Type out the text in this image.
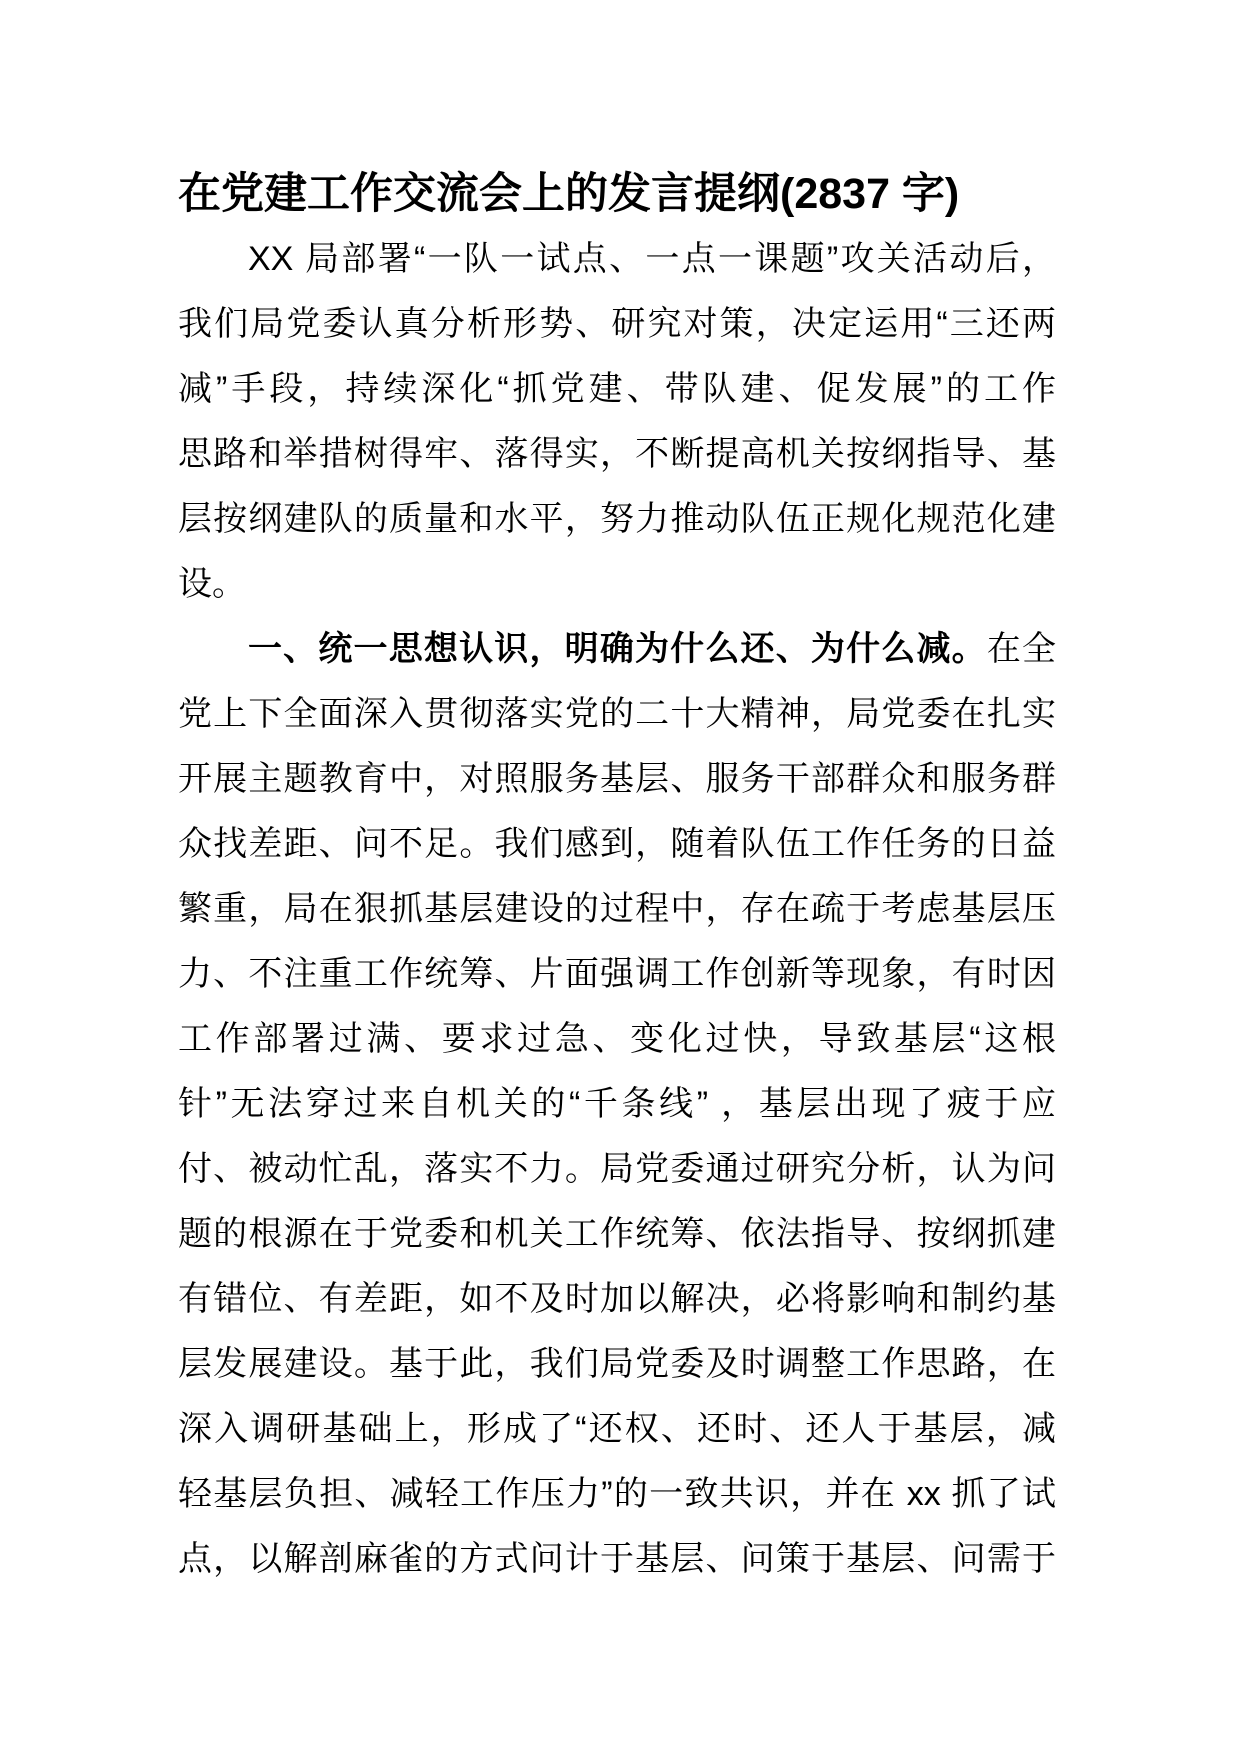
在党建工作交流会上的发言提纲(2837 字)
XX 局部署“一队一试点、一点一课题”攻关活动后，
我们局党委认真分析形势、研究对策，决定运用“三还两
减”手段，持续深化“抓党建、带队建、促发展”的工作
思路和举措树得牢、落得实，不断提高机关按纲指导、基
层按纲建队的质量和水平，努力推动队伍正规化规范化建
设。
一、统一思想认识，明确为什么还、为什么减。在全
党上下全面深入贯彻落实党的二十大精神，局党委在扎实
开展主题教育中，对照服务基层、服务干部群众和服务群
众找差距、问不足。我们感到，随着队伍工作任务的日益
繁重，局在狠抓基层建设的过程中，存在疏于考虑基层压
力、不注重工作统筹、片面强调工作创新等现象，有时因
工作部署过满、要求过急、变化过快，导致基层“这根
针”无法穿过来自机关的“千条线” ，基层出现了疲于应
付、被动忙乱，落实不力。局党委通过研究分析，认为问
题的根源在于党委和机关工作统筹、依法指导、按纲抓建
有错位、有差距，如不及时加以解决，必将影响和制约基
层发展建设。基于此，我们局党委及时调整工作思路，在
深入调研基础上，形成了“还权、还时、还人于基层，减
轻基层负担、减轻工作压力”的一致共识，并在 xx 抓了试
点，以解剖麻雀的方式问计于基层、问策于基层、问需于
